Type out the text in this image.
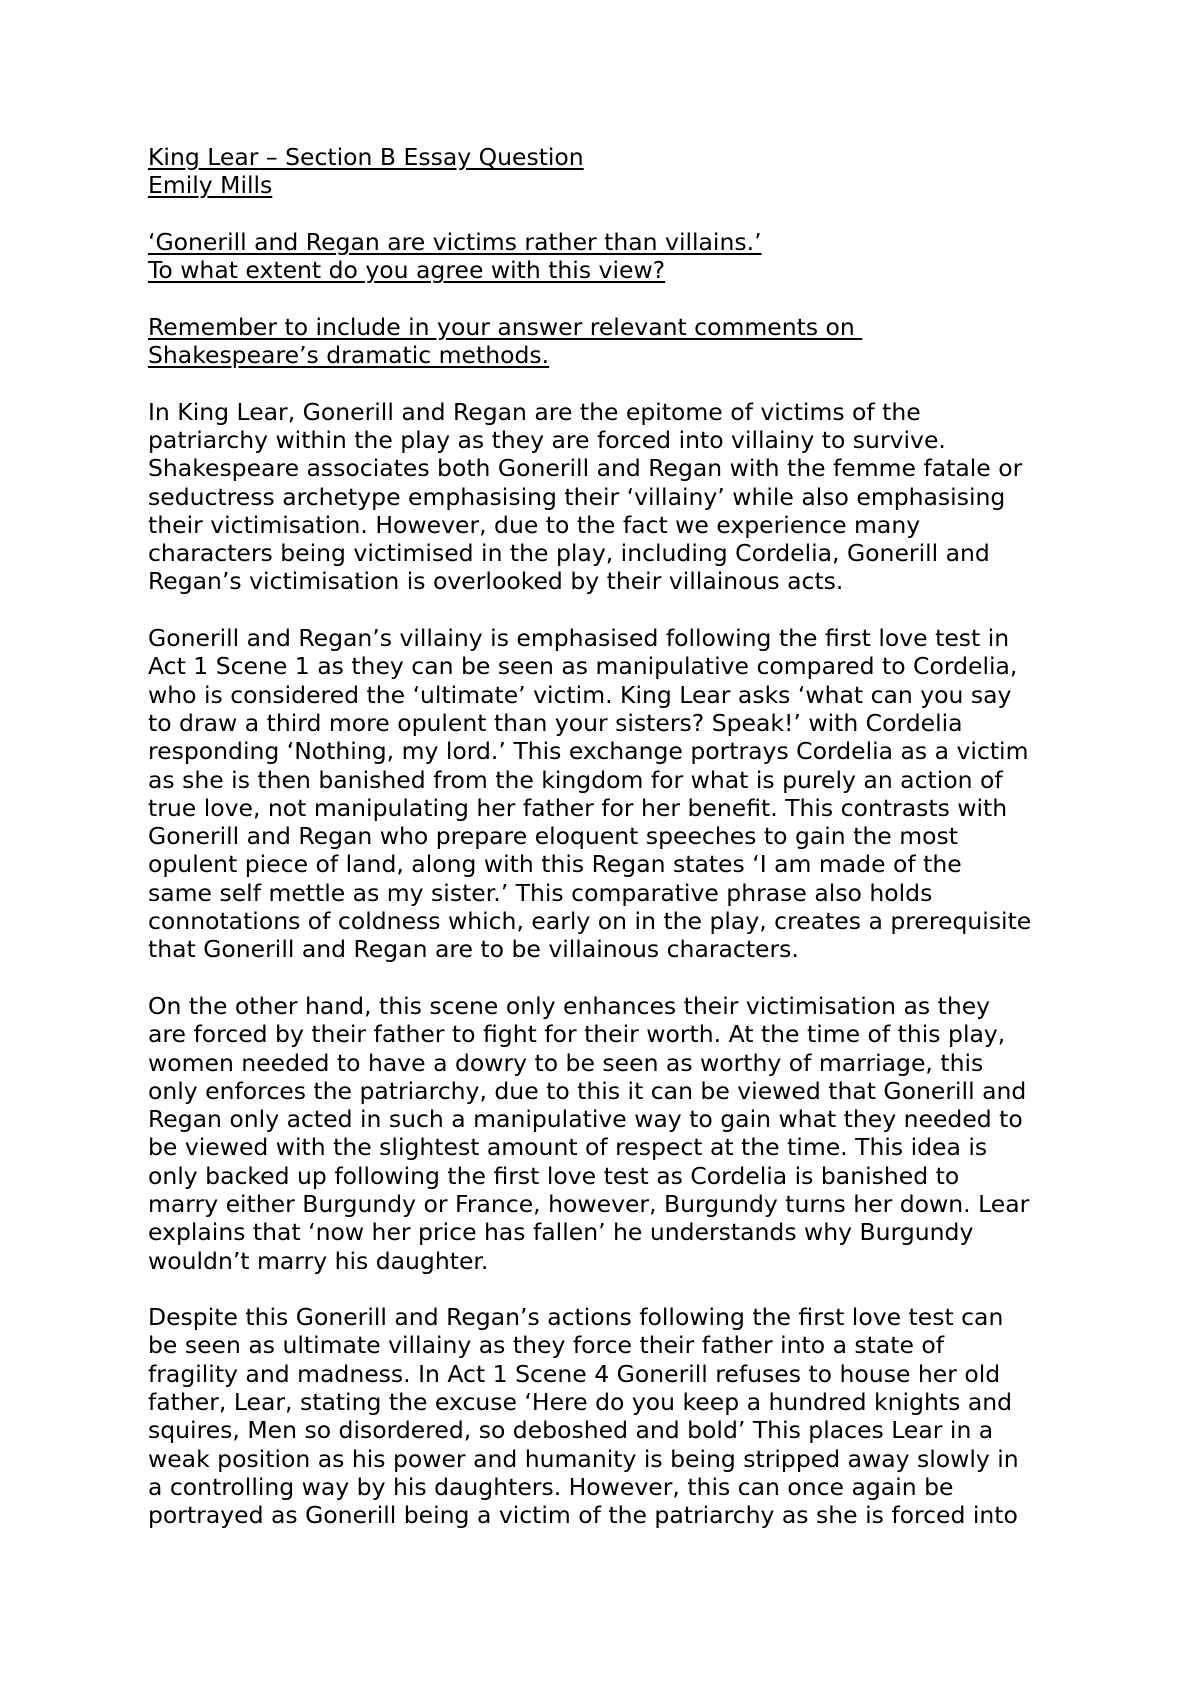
King Lear – Section B Essay Question
Emily Mills
‘Gonerill and Regan are victims rather than villains.’
To what extent do you agree with this view?
Remember to include in your answer relevant comments on
Shakespeare’s dramatic methods.
In King Lear, Gonerill and Regan are the epitome of victims of the
patriarchy within the play as they are forced into villainy to survive.
Shakespeare associates both Gonerill and Regan with the femme fatale or
seductress archetype emphasising their ‘villainy’ while also emphasising
their victimisation. However, due to the fact we experience many
characters being victimised in the play, including Cordelia, Gonerill and
Regan’s victimisation is overlooked by their villainous acts.
Gonerill and Regan’s villainy is emphasised following the first love test in
Act 1 Scene 1 as they can be seen as manipulative compared to Cordelia,
who is considered the ‘ultimate’ victim. King Lear asks ‘what can you say
to draw a third more opulent than your sisters? Speak!’ with Cordelia
responding ‘Nothing, my lord.’ This exchange portrays Cordelia as a victim
as she is then banished from the kingdom for what is purely an action of
true love, not manipulating her father for her benefit. This contrasts with
Gonerill and Regan who prepare eloquent speeches to gain the most
opulent piece of land, along with this Regan states ‘I am made of the
same self mettle as my sister.’ This comparative phrase also holds
connotations of coldness which, early on in the play, creates a prerequisite
that Gonerill and Regan are to be villainous characters.
On the other hand, this scene only enhances their victimisation as they
are forced by their father to fight for their worth. At the time of this play,
women needed to have a dowry to be seen as worthy of marriage, this
only enforces the patriarchy, due to this it can be viewed that Gonerill and
Regan only acted in such a manipulative way to gain what they needed to
be viewed with the slightest amount of respect at the time. This idea is
only backed up following the first love test as Cordelia is banished to
marry either Burgundy or France, however, Burgundy turns her down. Lear
explains that ‘now her price has fallen’ he understands why Burgundy
wouldn’t marry his daughter.
Despite this Gonerill and Regan’s actions following the first love test can
be seen as ultimate villainy as they force their father into a state of
fragility and madness. In Act 1 Scene 4 Gonerill refuses to house her old
father, Lear, stating the excuse ‘Here do you keep a hundred knights and
squires, Men so disordered, so deboshed and bold’ This places Lear in a
weak position as his power and humanity is being stripped away slowly in
a controlling way by his daughters. However, this can once again be
portrayed as Gonerill being a victim of the patriarchy as she is forced into
